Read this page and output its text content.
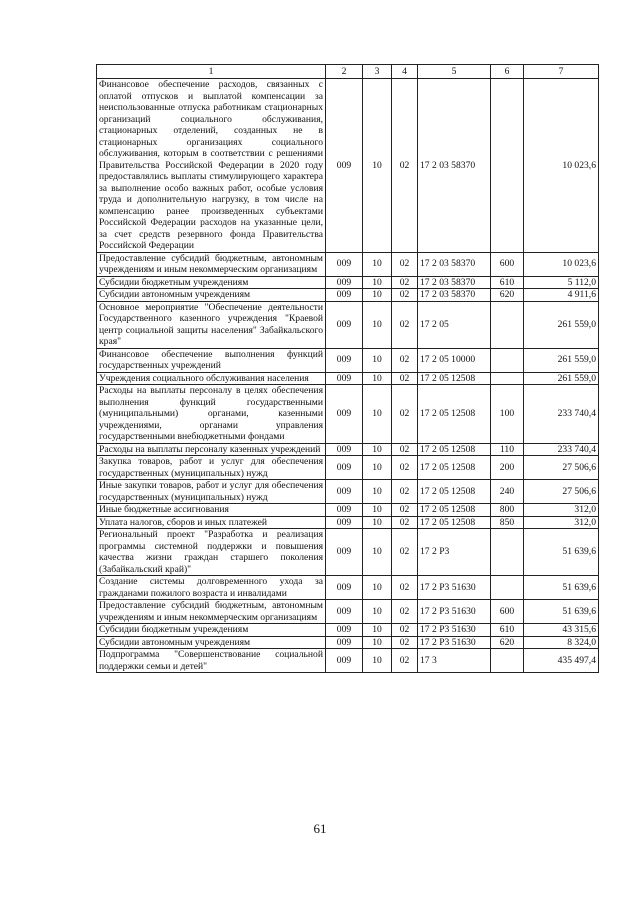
1	2	3	4	5	6	7
Финансовое обеспечение расходов, связанных с оплатой отпусков и выплатой компенсации за неиспользованные отпуска работникам стационарных организаций социального обслуживания, стационарных отделений, созданных не в стационарных организациях социального обслуживания, которым в соответствии с решениями Правительства Российской Федерации в 2020 году предоставлялись выплаты стимулирующего характера за выполнение особо важных работ, особые условия труда и дополнительную нагрузку, в том числе на компенсацию ранее произведенных субъектами Российской Федерации расходов на указанные цели, за счет средств резервного фонда Правительства Российской Федерации	009	10	02	17 2 03 58370		10 023,6
Предоставление субсидий бюджетным, автономным учреждениям и иным некоммерческим организациям	009	10	02	17 2 03 58370	600	10 023,6
Субсидии бюджетным учреждениям	009	10	02	17 2 03 58370	610	5 112,0
Субсидии автономным учреждениям	009	10	02	17 2 03 58370	620	4 911,6
Основное мероприятие "Обеспечение деятельности Государственного казенного учреждения "Краевой центр социальной защиты населения" Забайкальского края"	009	10	02	17 2 05		261 559,0
Финансовое обеспечение выполнения функций государственных учреждений	009	10	02	17 2 05 10000		261 559,0
Учреждения социального обслуживания населения	009	10	02	17 2 05 12508		261 559,0
Расходы на выплаты персоналу в целях обеспечения выполнения функций государственными (муниципальными) органами, казенными учреждениями, органами управления государственными внебюджетными фондами	009	10	02	17 2 05 12508	100	233 740,4
Расходы на выплаты персоналу казенных учреждений	009	10	02	17 2 05 12508	110	233 740,4
Закупка товаров, работ и услуг для обеспечения государственных (муниципальных) нужд	009	10	02	17 2 05 12508	200	27 506,6
Иные закупки товаров, работ и услуг для обеспечения государственных (муниципальных) нужд	009	10	02	17 2 05 12508	240	27 506,6
Иные бюджетные ассигнования	009	10	02	17 2 05 12508	800	312,0
Уплата налогов, сборов и иных платежей	009	10	02	17 2 05 12508	850	312,0
Региональный проект "Разработка и реализация программы системной поддержки и повышения качества жизни граждан старшего поколения (Забайкальский край)"	009	10	02	17 2 P3		51 639,6
Создание системы долговременного ухода за гражданами пожилого возраста и инвалидами	009	10	02	17 2 P3 51630		51 639,6
Предоставление субсидий бюджетным, автономным учреждениям и иным некоммерческим организациям	009	10	02	17 2 P3 51630	600	51 639,6
Субсидии бюджетным учреждениям	009	10	02	17 2 P3 51630	610	43 315,6
Субсидии автономным учреждениям	009	10	02	17 2 P3 51630	620	8 324,0
Подпрограмма "Совершенствование социальной поддержки семьи и детей"	009	10	02	17 3		435 497,4
61
